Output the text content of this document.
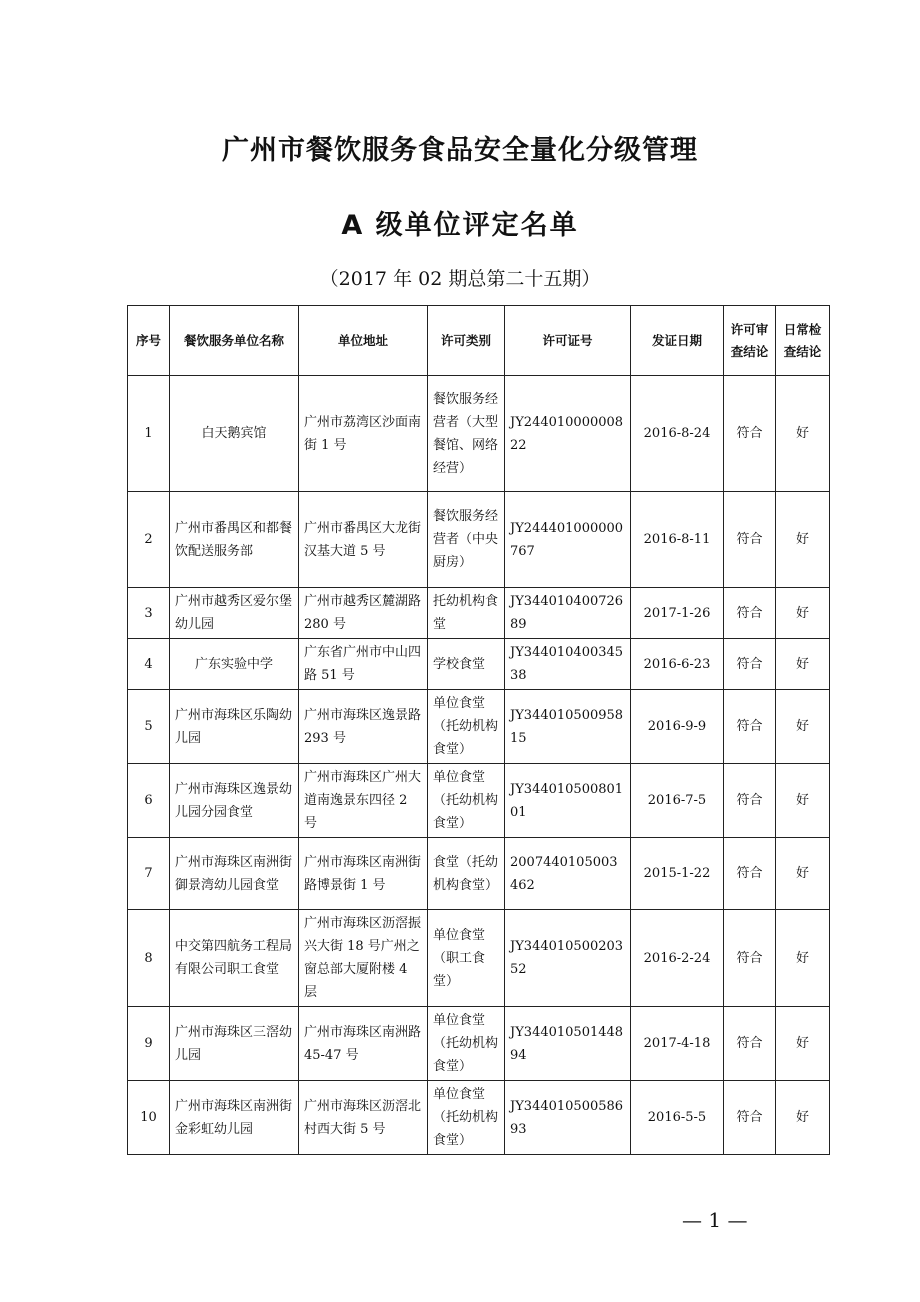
广州市餐饮服务食品安全量化分级管理
A 级单位评定名单
（2017 年 02 期总第二十五期）
序号	餐饮服务单位名称	单位地址	许可类别	许可证号	发证日期	许可审查结论	日常检查结论
1	白天鹅宾馆	广州市荔湾区沙面南街 1 号	餐饮服务经营者（大型餐馆、网络经营）	JY24401000000822	2016-8-24	符合	好
2	广州市番禺区和都餐饮配送服务部	广州市番禺区大龙街汉基大道 5 号	餐饮服务经营者（中央厨房）	JY244401000000767	2016-8-11	符合	好
3	广州市越秀区爱尔堡幼儿园	广州市越秀区麓湖路 280 号	托幼机构食堂	JY34401040072689	2017-1-26	符合	好
4	广东实验中学	广东省广州市中山四路 51 号	学校食堂	JY34401040034538	2016-6-23	符合	好
5	广州市海珠区乐陶幼儿园	广州市海珠区逸景路 293 号	单位食堂（托幼机构食堂）	JY34401050095815	2016-9-9	符合	好
6	广州市海珠区逸景幼儿园分园食堂	广州市海珠区广州大道南逸景东四径 2 号	单位食堂（托幼机构食堂）	JY34401050080101	2016-7-5	符合	好
7	广州市海珠区南洲街御景湾幼儿园食堂	广州市海珠区南洲街路博景街 1 号	食堂（托幼机构食堂）	2007440105003462	2015-1-22	符合	好
8	中交第四航务工程局有限公司职工食堂	广州市海珠区沥滘振兴大街 18 号广州之窗总部大厦附楼 4 层	单位食堂（职工食堂）	JY34401050020352	2016-2-24	符合	好
9	广州市海珠区三滘幼儿园	广州市海珠区南洲路 45-47 号	单位食堂（托幼机构食堂）	JY34401050144894	2017-4-18	符合	好
10	广州市海珠区南洲街金彩虹幼儿园	广州市海珠区沥滘北村西大街 5 号	单位食堂（托幼机构食堂）	JY34401050058693	2016-5-5	符合	好
— 1 —
